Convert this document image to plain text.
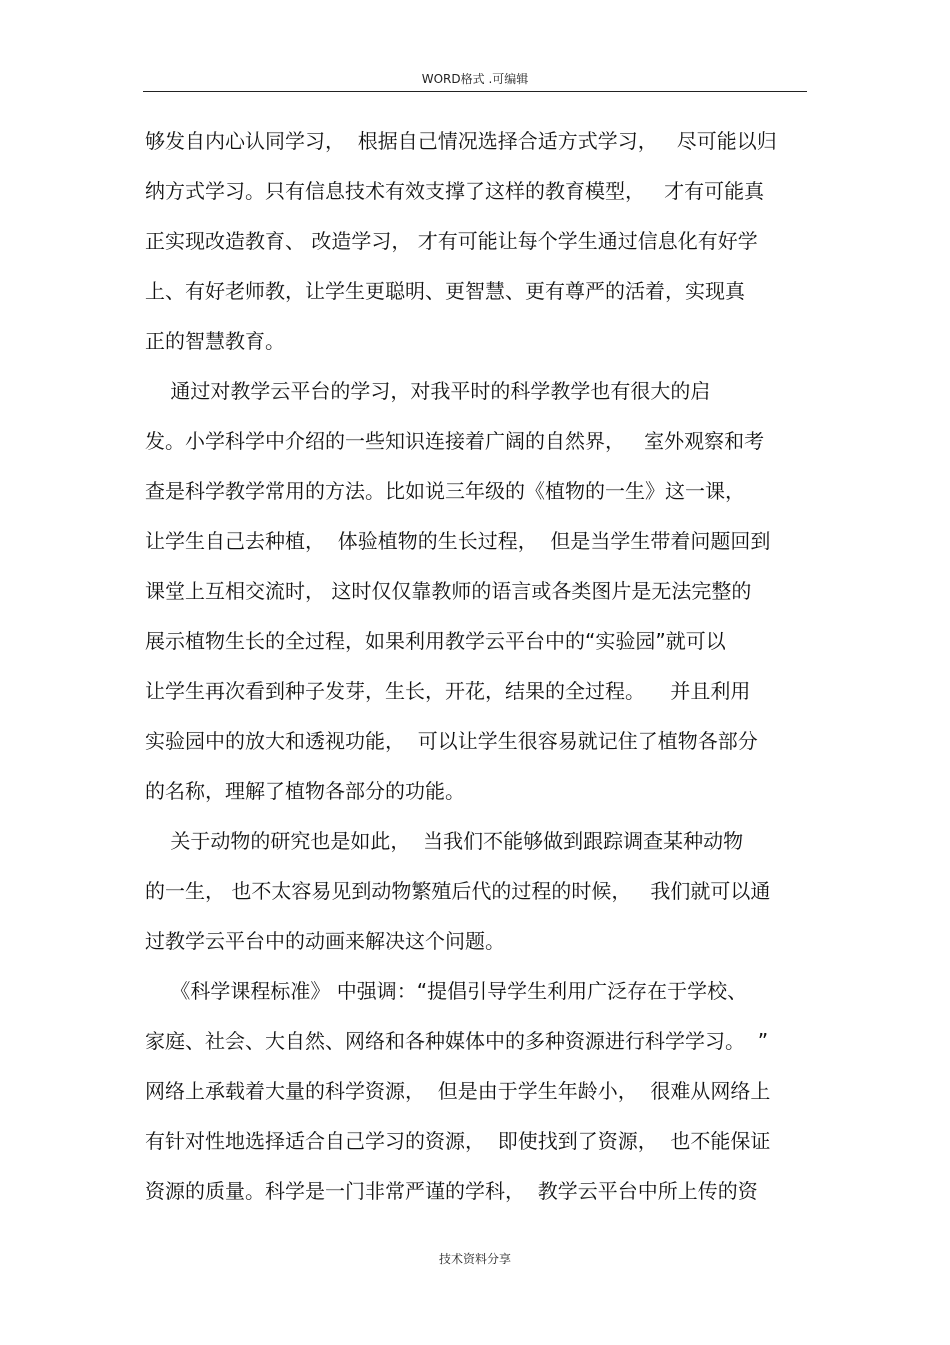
WORD格式 .可编辑
够发自内心认同学习，  根据自己情况选择合适方式学习，   尽可能以归
纳方式学习。只有信息技术有效支撑了这样的教育模型，   才有可能真
正实现改造教育、 改造学习， 才有可能让每个学生通过信息化有好学
上、有好老师教，让学生更聪明、更智慧、更有尊严的活着，实现真
正的智慧教育。
通过对教学云平台的学习，对我平时的科学教学也有很大的启
发。小学科学中介绍的一些知识连接着广阔的自然界，   室外观察和考
查是科学教学常用的方法。比如说三年级的《植物的一生》这一课，
让学生自己去种植，  体验植物的生长过程，  但是当学生带着问题回到
课堂上互相交流时， 这时仅仅靠教师的语言或各类图片是无法完整的
展示植物生长的全过程，如果利用教学云平台中的“实验园”就可以
让学生再次看到种子发芽，生长，开花，结果的全过程。    并且利用
实验园中的放大和透视功能，  可以让学生很容易就记住了植物各部分
的名称，理解了植物各部分的功能。
关于动物的研究也是如此，  当我们不能够做到跟踪调查某种动物
的一生， 也不太容易见到动物繁殖后代的过程的时候，   我们就可以通
过教学云平台中的动画来解决这个问题。
《科学课程标准》 中强调：“提倡引导学生利用广泛存在于学校、
家庭、社会、大自然、网络和各种媒体中的多种资源进行科学学习。  ”
网络上承载着大量的科学资源，  但是由于学生年龄小，  很难从网络上
有针对性地选择适合自己学习的资源，  即使找到了资源，  也不能保证
资源的质量。科学是一门非常严谨的学科，  教学云平台中所上传的资
技术资料分享
